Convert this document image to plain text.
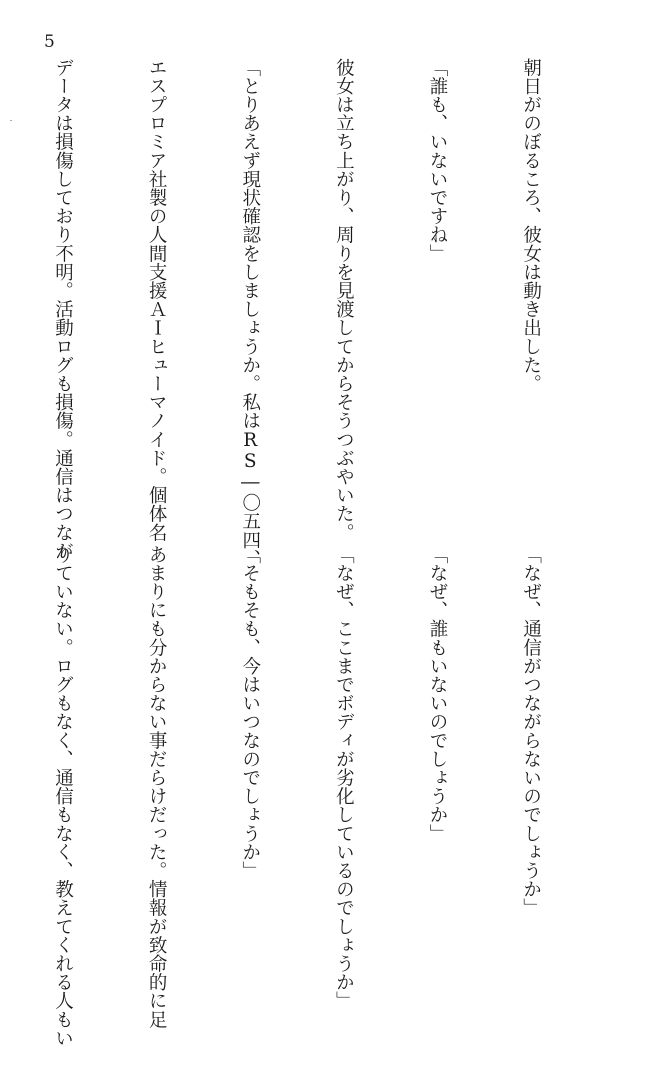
5

朝日がのぼるころ、彼女は動き出した。

「誰も、いないですね」

彼女は立ち上がり、周りを見渡してからそうつぶやいた。

「とりあえず現状確認をしましょうか。私はRS―〇五四、

エスプロミア社製の人間支援ＡＩヒューマノイド。個体名

データは損傷しており不明。活動ログも損傷。通信はつなが

「なぜ、通信がつながらないのでしょうか」

「なぜ、誰もいないのでしょうか」

「なぜ、ここまでボディが劣化しているのでしょうか」

「そもそも、今はいつなのでしょうか」

あまりにも分からない事だらけだった。情報が致命的に足

りていない。ログもなく、通信もなく、教えてくれる人もい
